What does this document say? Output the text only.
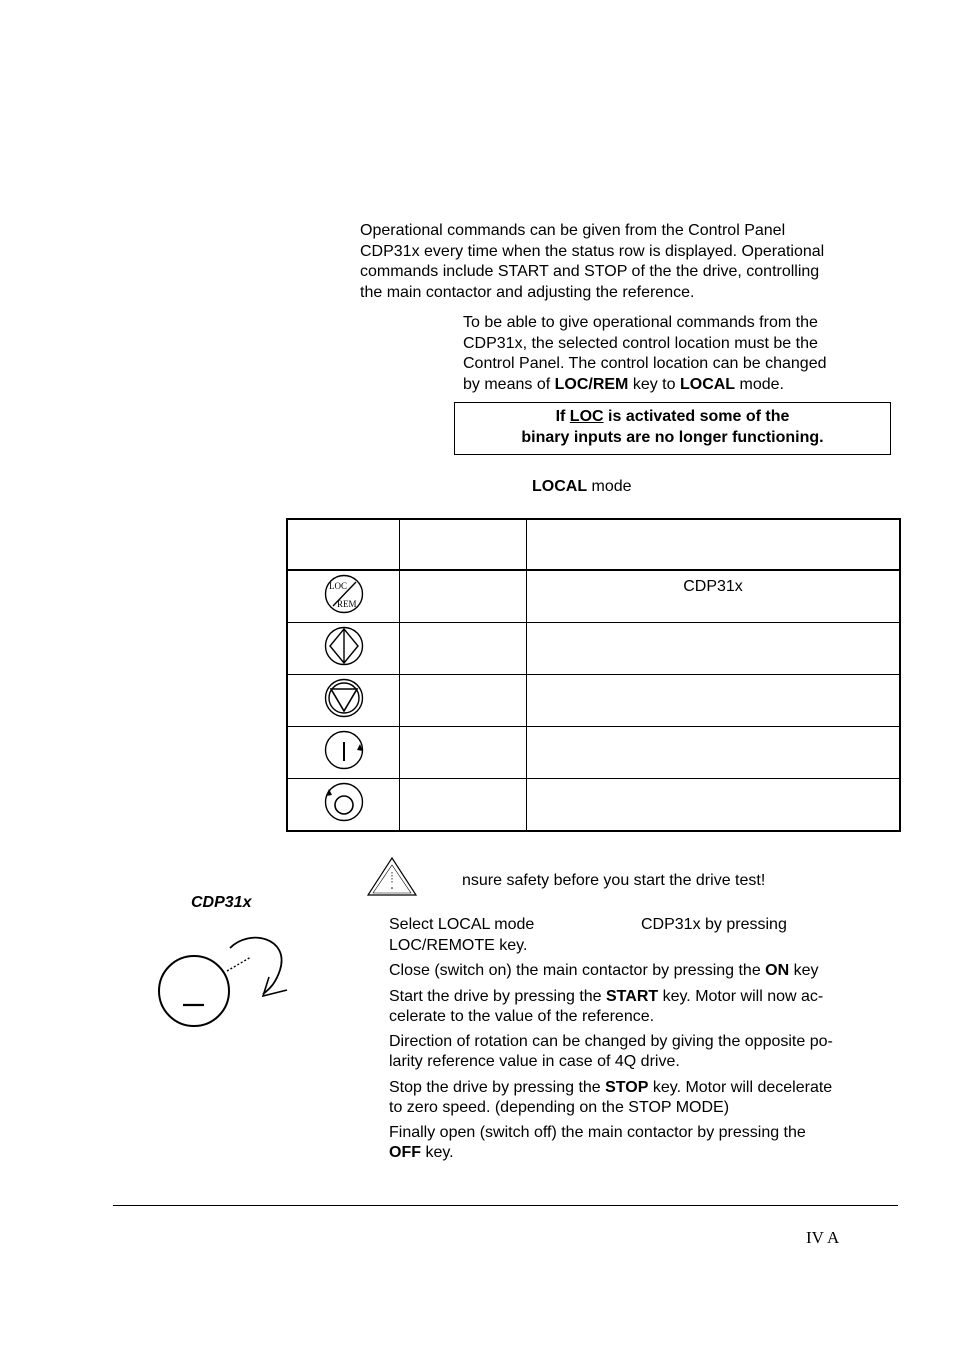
Operational commands can be given from the Control Panel
CDP31x every time when the status row is displayed. Operational
commands include START and STOP of the the drive, controlling
the main contactor and adjusting the reference.
To be able to give operational commands from the
CDP31x, the selected control location must be the
Control Panel. The control location can be changed
by means of LOC/REM key to LOCAL mode.
If LOC is activated some of the
binary inputs are no longer functioning.
LOCAL mode

LOC
REM		CDP31x

nsure safety before you start the drive test!
CDP31x
Select LOCAL mode	CDP31x by pressing
LOC/REMOTE key.
Close (switch on) the main contactor by pressing the ON key
Start the drive by pressing the START key. Motor will now ac-
celerate to the value of the reference.
Direction of rotation can be changed by giving the opposite po-
larity reference value in case of 4Q drive.
Stop the drive by pressing the STOP key. Motor will decelerate
to zero speed. (depending on the STOP MODE)
Finally open (switch off) the main contactor by pressing the
OFF key.
IV A
